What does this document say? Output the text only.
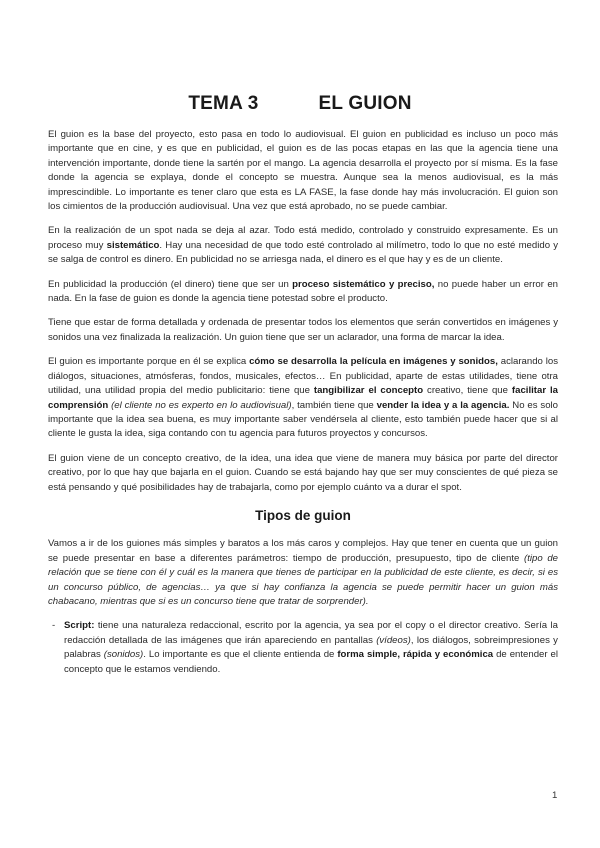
TEMA 3	EL GUION

El guion es la base del proyecto, esto pasa en todo lo audiovisual. El guion en publicidad es incluso un poco más importante que en cine, y es que en publicidad, el guion es de las pocas etapas en las que la agencia tiene una intervención importante, donde tiene la sartén por el mango. La agencia desarrolla el proyecto por sí misma. Es la fase donde la agencia se explaya, donde el concepto se muestra. Aunque sea la menos audiovisual, es la más imprescindible. Lo importante es tener claro que esta es LA FASE, la fase donde hay más involucración. El guion son los cimientos de la producción audiovisual. Una vez que está aprobado, no se puede cambiar.

En la realización de un spot nada se deja al azar. Todo está medido, controlado y construido expresamente. Es un proceso muy sistemático. Hay una necesidad de que todo esté controlado al milímetro, todo lo que no esté medido y se salga de control es dinero. En publicidad no se arriesga nada, el dinero es el que hay y es de un cliente.

En publicidad la producción (el dinero) tiene que ser un proceso sistemático y preciso, no puede haber un error en nada. En la fase de guion es donde la agencia tiene potestad sobre el producto.

Tiene que estar de forma detallada y ordenada de presentar todos los elementos que serán convertidos en imágenes y sonidos una vez finalizada la realización. Un guion tiene que ser un aclarador, una forma de marcar la idea.

El guion es importante porque en él se explica cómo se desarrolla la película en imágenes y sonidos, aclarando los diálogos, situaciones, atmósferas, fondos, musicales, efectos… En publicidad, aparte de estas utilidades, tiene otra utilidad, una utilidad propia del medio publicitario: tiene que tangibilizar el concepto creativo, tiene que facilitar la comprensión (el cliente no es experto en lo audiovisual), también tiene que vender la idea y a la agencia. No es solo importante que la idea sea buena, es muy importante saber vendérsela al cliente, esto también puede hacer que si al cliente le gusta la idea, siga contando con tu agencia para futuros proyectos y concursos.

El guion viene de un concepto creativo, de la idea, una idea que viene de manera muy básica por parte del director creativo, por lo que hay que bajarla en el guion. Cuando se está bajando hay que ser muy conscientes de qué pieza se está pensando y qué posibilidades hay de trabajarla, como por ejemplo cuánto va a durar el spot.

Tipos de guion

Vamos a ir de los guiones más simples y baratos a los más caros y complejos. Hay que tener en cuenta que un guion se puede presentar en base a diferentes parámetros: tiempo de producción, presupuesto, tipo de cliente (tipo de relación que se tiene con él y cuál es la manera que tienes de participar en la publicidad de este cliente, es decir, si es un concurso público, de agencias… ya que si hay confianza la agencia se puede permitir hacer un guion más chabacano, mientras que si es un concurso tiene que tratar de sorprender).

- Script: tiene una naturaleza redaccional, escrito por la agencia, ya sea por el copy o el director creativo. Sería la redacción detallada de las imágenes que irán apareciendo en pantallas (vídeos), los diálogos, sobreimpresiones y palabras (sonidos). Lo importante es que el cliente entienda de forma simple, rápida y económica de entender el concepto que le estamos vendiendo.
1
